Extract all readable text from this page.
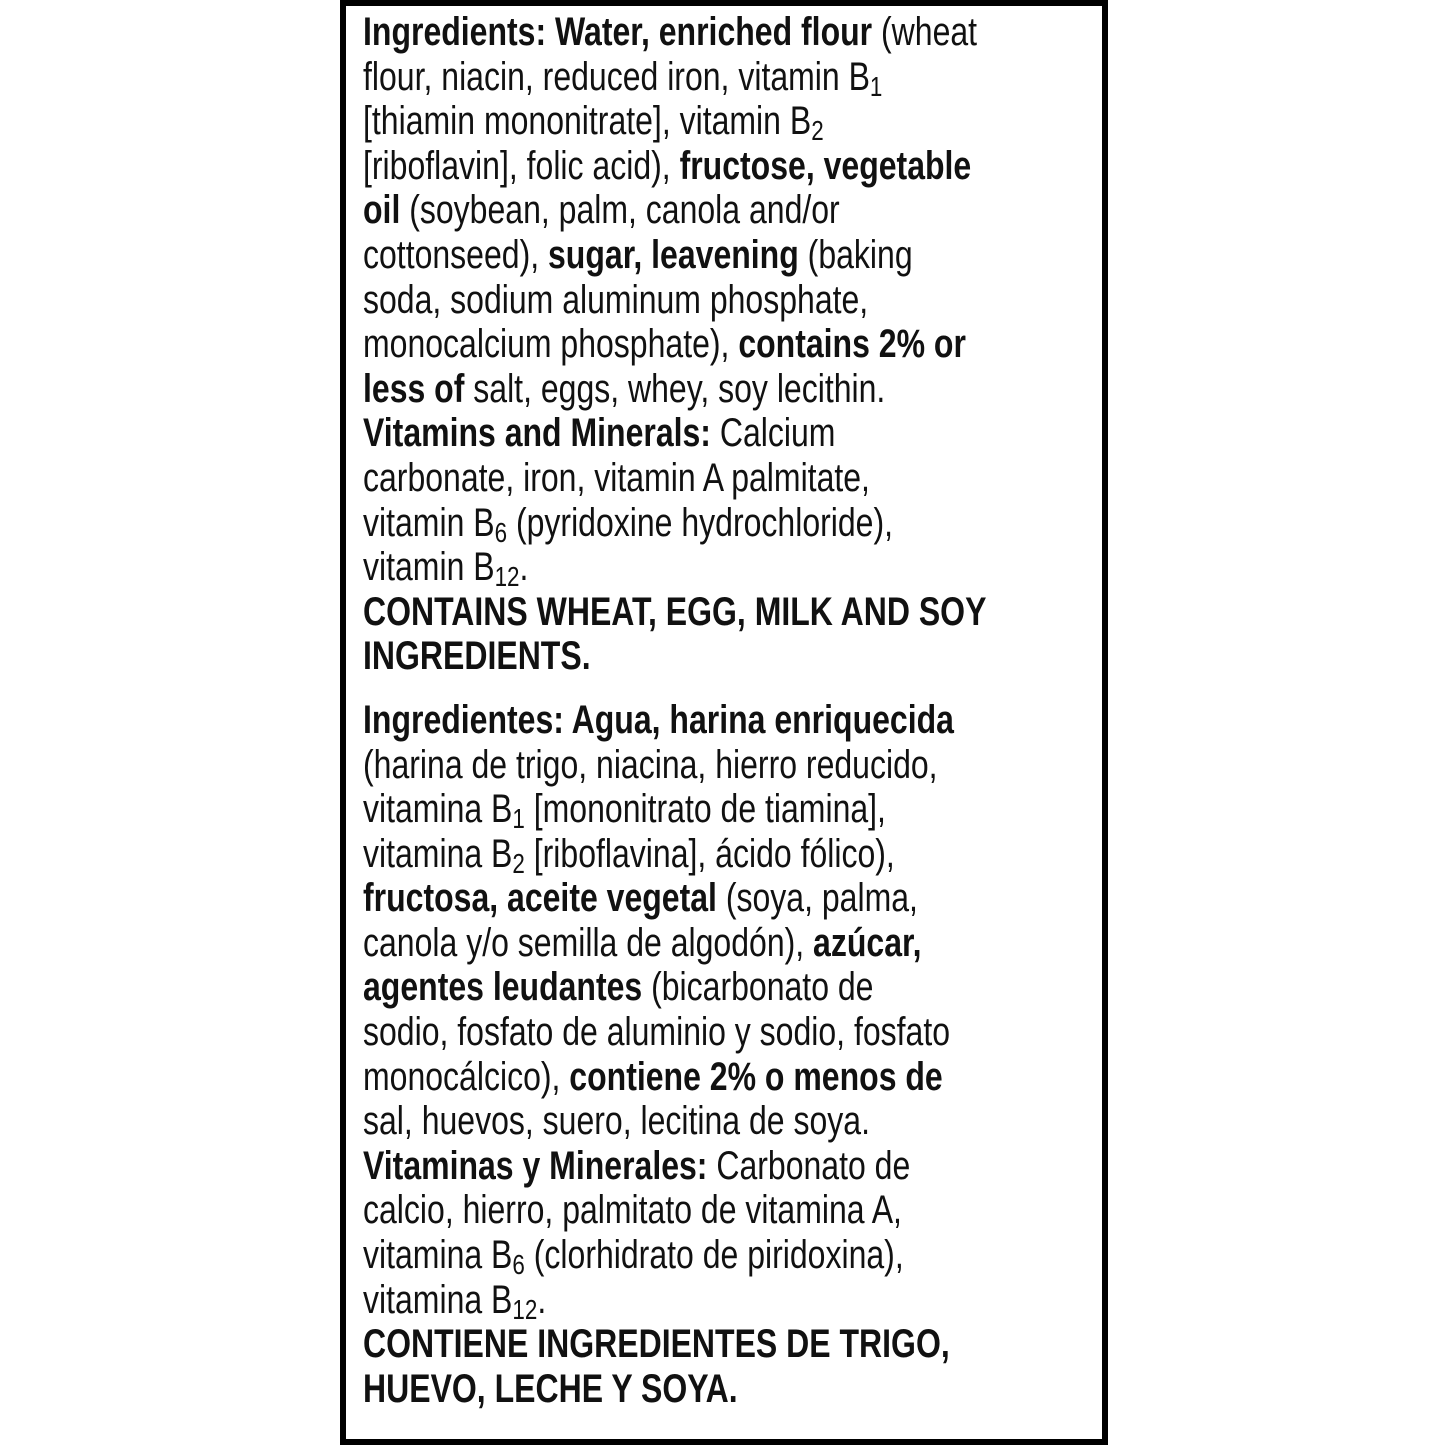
Ingredients: Water, enriched flour (wheat
flour, niacin, reduced iron, vitamin $B_1$
[thiamin mononitrate], vitamin $B_2$
[riboflavin], folic acid), fructose, vegetable
oil (soybean, palm, canola and/or
cottonseed), sugar, leavening (baking
soda, sodium aluminum phosphate,
monocalcium phosphate), contains 2% or
less of salt, eggs, whey, soy lecithin.
Vitamins and Minerals: Calcium
carbonate, iron, vitamin A palmitate,
vitamin $B_6$ (pyridoxine hydrochloride),
vitamin $B_{12}$.
CONTAINS WHEAT, EGG, MILK AND SOY
INGREDIENTS.
Ingredientes: Agua, harina enriquecida
(harina de trigo, niacina, hierro reducido,
vitamina $B_1$ [mononitrato de tiamina],
vitamina $B_2$ [riboflavina], ácido fólico),
fructosa, aceite vegetal (soya, palma,
canola y/o semilla de algodón), azúcar,
agentes leudantes (bicarbonato de
sodio, fosfato de aluminio y sodio, fosfato
monocálcico), contiene 2% o menos de
sal, huevos, suero, lecitina de soya.
Vitaminas y Minerales: Carbonato de
calcio, hierro, palmitato de vitamina A,
vitamina $B_6$ (clorhidrato de piridoxina),
vitamina $B_{12}$.
CONTIENE INGREDIENTES DE TRIGO,
HUEVO, LECHE Y SOYA.
